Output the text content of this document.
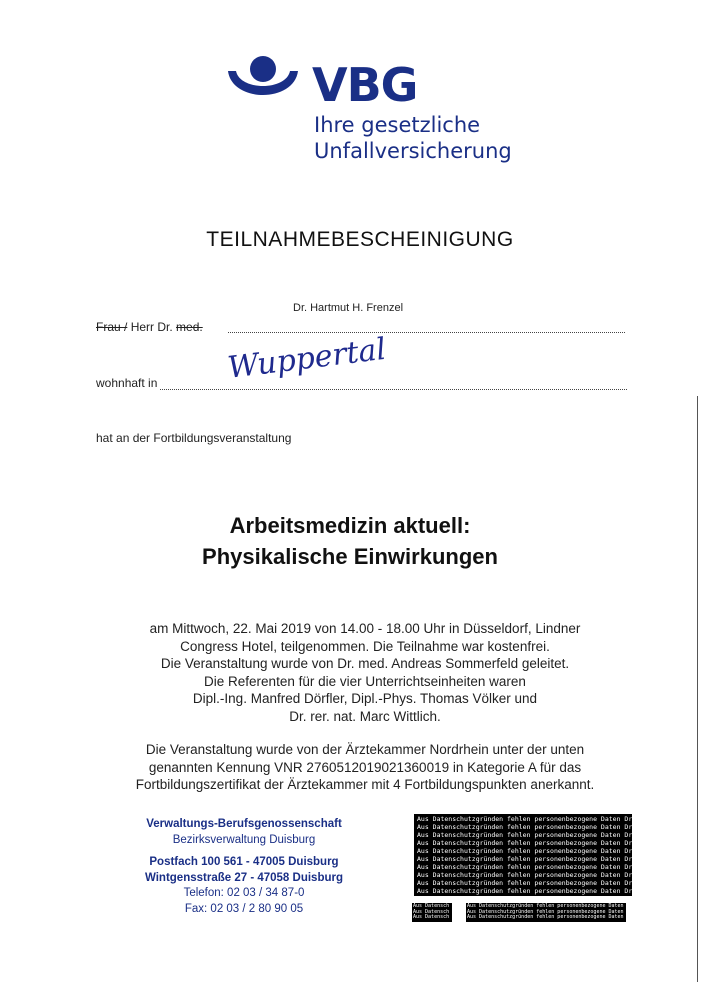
VBG
Ihre gesetzliche
Unfallversicherung
TEILNAHMEBESCHEINIGUNG
Dr. Hartmut H. Frenzel
Frau / Herr Dr. med.
wohnhaft in Wuppertal
hat an der Fortbildungsveranstaltung
Arbeitsmedizin aktuell:
Physikalische Einwirkungen
am Mittwoch, 22. Mai 2019 von 14.00 - 18.00 Uhr in Düsseldorf, Lindner
Congress Hotel, teilgenommen. Die Teilnahme war kostenfrei.
Die Veranstaltung wurde von Dr. med. Andreas Sommerfeld geleitet.
Die Referenten für die vier Unterrichtseinheiten waren
Dipl.-Ing. Manfred Dörfler, Dipl.-Phys. Thomas Völker und
Dr. rer. nat. Marc Wittlich.
Die Veranstaltung wurde von der Ärztekammer Nordrhein unter der unten
genannten Kennung VNR 2760512019021360019 in Kategorie A für das
Fortbildungszertifikat der Ärztekammer mit 4 Fortbildungspunkten anerkannt.
Verwaltungs-Berufsgenossenschaft
Bezirksverwaltung Duisburg
Postfach 100 561 - 47005 Duisburg
Wintgensstraße 27 - 47058 Duisburg
Telefon: 02 03 / 34 87-0
Fax: 02 03 / 2 80 90 05
Aus Datenschutzgründen fehlen personenbezogene Daten Dritter.
Aus Datenschutzgründen fehlen personenbezogene Daten Dritter.
Aus Datenschutzgründen fehlen personenbezogene Daten Dritter.
Aus Datenschutzgründen fehlen personenbezogene Daten Dritter.
Aus Datenschutzgründen fehlen personenbezogene Daten Dritter.
Aus Datenschutzgründen fehlen personenbezogene Daten Dritter.
Aus Datenschutzgründen fehlen personenbezogene Daten Dritter.
Aus Datenschutzgründen fehlen personenbezogene Daten Dritter.
Aus Datenschutzgründen fehlen personenbezogene Daten Dritter.
Aus Datenschutzgründen fehlen personenbezogene Daten Dritter.
Aus Datensch
Aus Datensch
Aus Datensch
Aus Datenschutzgründen fehlen personenbezogene Daten Dritter.
Aus Datenschutzgründen fehlen personenbezogene Daten Dritter.
Aus Datenschutzgründen fehlen personenbezogene Daten Dritter.
